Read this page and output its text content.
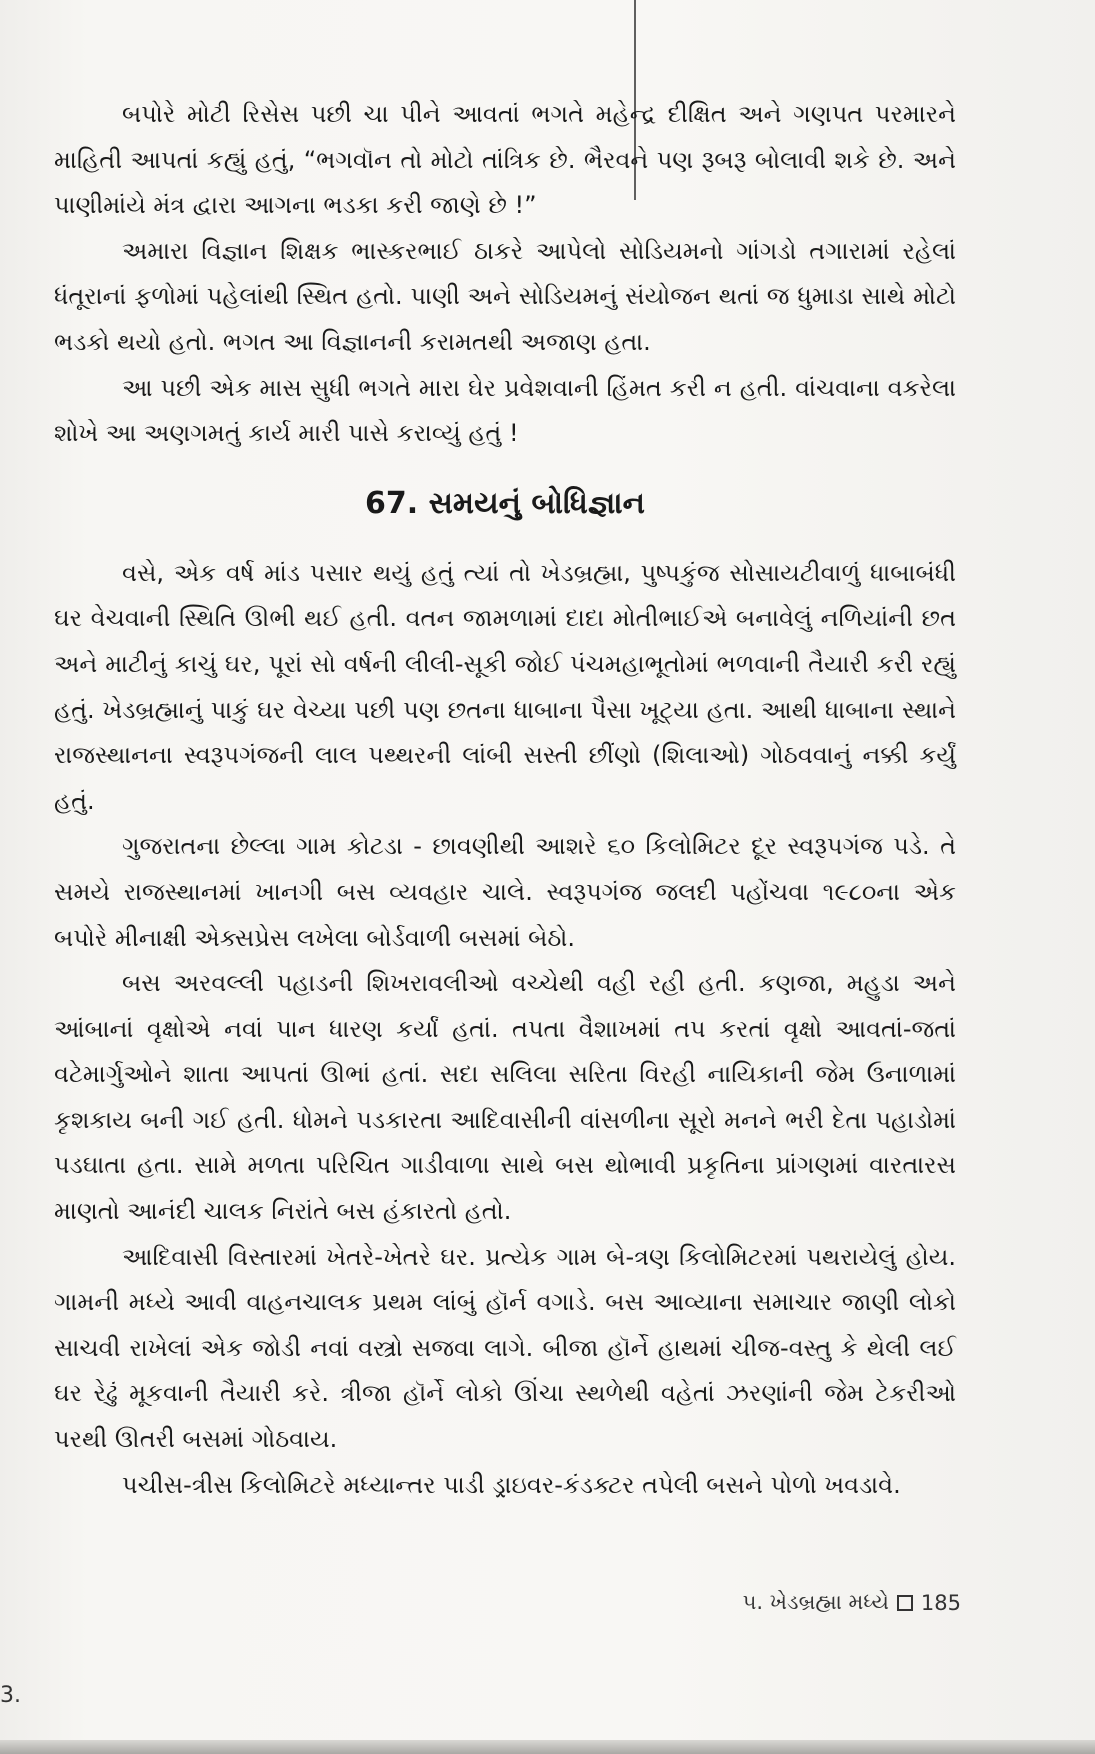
બપોરે મોટી રિસેસ પછી ચા પીને આવતાં ભગતે મહેન્દ્ર દીક્ષિત અને ગણપત પરમારને માહિતી આપતાં કહ્યું હતું, “ભગવૉન તો મોટો તાંત્રિક છે. ભૈરવને પણ રૂબરૂ બોલાવી શકે છે. અને પાણીમાંયે મંત્ર દ્વારા આગના ભડકા કરી જાણે છે !”

અમારા વિજ્ઞાન શિક્ષક ભાસ્કરભાઈ ઠાકરે આપેલો સોડિયમનો ગાંગડો તગારામાં રહેલાં ધંતૂરાનાં ફળોમાં પહેલાંથી સ્થિત હતો. પાણી અને સોડિયમનું સંયોજન થતાં જ ધુમાડા સાથે મોટો ભડકો થયો હતો. ભગત આ વિજ્ઞાનની કરામતથી અજાણ હતા.

આ પછી એક માસ સુધી ભગતે મારા ઘેર પ્રવેશવાની હિંમત કરી ન હતી. વાંચવાના વકરેલા શોખે આ અણગમતું કાર્ય મારી પાસે કરાવ્યું હતું !

67. સમયનું બોધિજ્ઞાન

વસે, એક વર્ષ માંડ પસાર થયું હતું ત્યાં તો ખેડબ્રહ્મા, પુષ્પકુંજ સોસાયટીવાળું ધાબાબંધી ઘર વેચવાની સ્થિતિ ઊભી થઈ હતી. વતન જામળામાં દાદા મોતીભાઈએ બનાવેલું નળિયાંની છત અને માટીનું કાચું ઘર, પૂરાં સો વર્ષની લીલી-સૂકી જોઈ પંચમહાભૂતોમાં ભળવાની તૈયારી કરી રહ્યું હતું. ખેડબ્રહ્માનું પાકું ઘર વેચ્યા પછી પણ છતના ધાબાના પૈસા ખૂટ્યા હતા. આથી ધાબાના સ્થાને રાજસ્થાનના સ્વરૂપગંજની લાલ પથ્થરની લાંબી સસ્તી છીંણો (શિલાઓ) ગોઠવવાનું નક્કી કર્યું હતું.

ગુજરાતના છેલ્લા ગામ કોટડા - છાવણીથી આશરે ૬૦ કિલોમિટર દૂર સ્વરૂપગંજ પડે. તે સમયે રાજસ્થાનમાં ખાનગી બસ વ્યવહાર ચાલે. સ્વરૂપગંજ જલદી પહોંચવા ૧૯૮૦ના એક બપોરે મીનાક્ષી એક્સપ્રેસ લખેલા બોર્ડવાળી બસમાં બેઠો.

બસ અરવલ્લી પહાડની શિખરાવલીઓ વચ્ચેથી વહી રહી હતી. કણજા, મહુડા અને આંબાનાં વૃક્ષોએ નવાં પાન ધારણ કર્યાં હતાં. તપતા વૈશાખમાં તપ કરતાં વૃક્ષો આવતાં-જતાં વટેમાર્ગુઓને શાતા આપતાં ઊભાં હતાં. સદા સલિલા સરિતા વિરહી નાયિકાની જેમ ઉનાળામાં કૃશકાય બની ગઈ હતી. ધોમને પડકારતા આદિવાસીની વાંસળીના સૂરો મનને ભરી દેતા પહાડોમાં પડઘાતા હતા. સામે મળતા પરિચિત ગાડીવાળા સાથે બસ થોભાવી પ્રકૃતિના પ્રાંગણમાં વારતારસ માણતો આનંદી ચાલક નિરાંતે બસ હંકારતો હતો.

આદિવાસી વિસ્તારમાં ખેતરે-ખેતરે ઘર. પ્રત્યેક ગામ બે-ત્રણ કિલોમિટરમાં પથરાયેલું હોય. ગામની મધ્યે આવી વાહનચાલક પ્રથમ લાંબું હૉર્ન વગાડે. બસ આવ્યાના સમાચાર જાણી લોકો સાચવી રાખેલાં એક જોડી નવાં વસ્ત્રો સજવા લાગે. બીજા હૉર્ને હાથમાં ચીજ-વસ્તુ કે થેલી લઈ ઘર રેઢું મૂકવાની તૈયારી કરે. ત્રીજા હૉર્ને લોકો ઊંચા સ્થળેથી વહેતાં ઝરણાંની જેમ ટેકરીઓ પરથી ઊતરી બસમાં ગોઠવાય.

પચીસ-ત્રીસ કિલોમિટરે મધ્યાન્તર પાડી ડ્રાઇવર-કંડક્ટર તપેલી બસને પોળો ખવડાવે.

૫. ખેડબ્રહ્મા મધ્યે 185
3.
